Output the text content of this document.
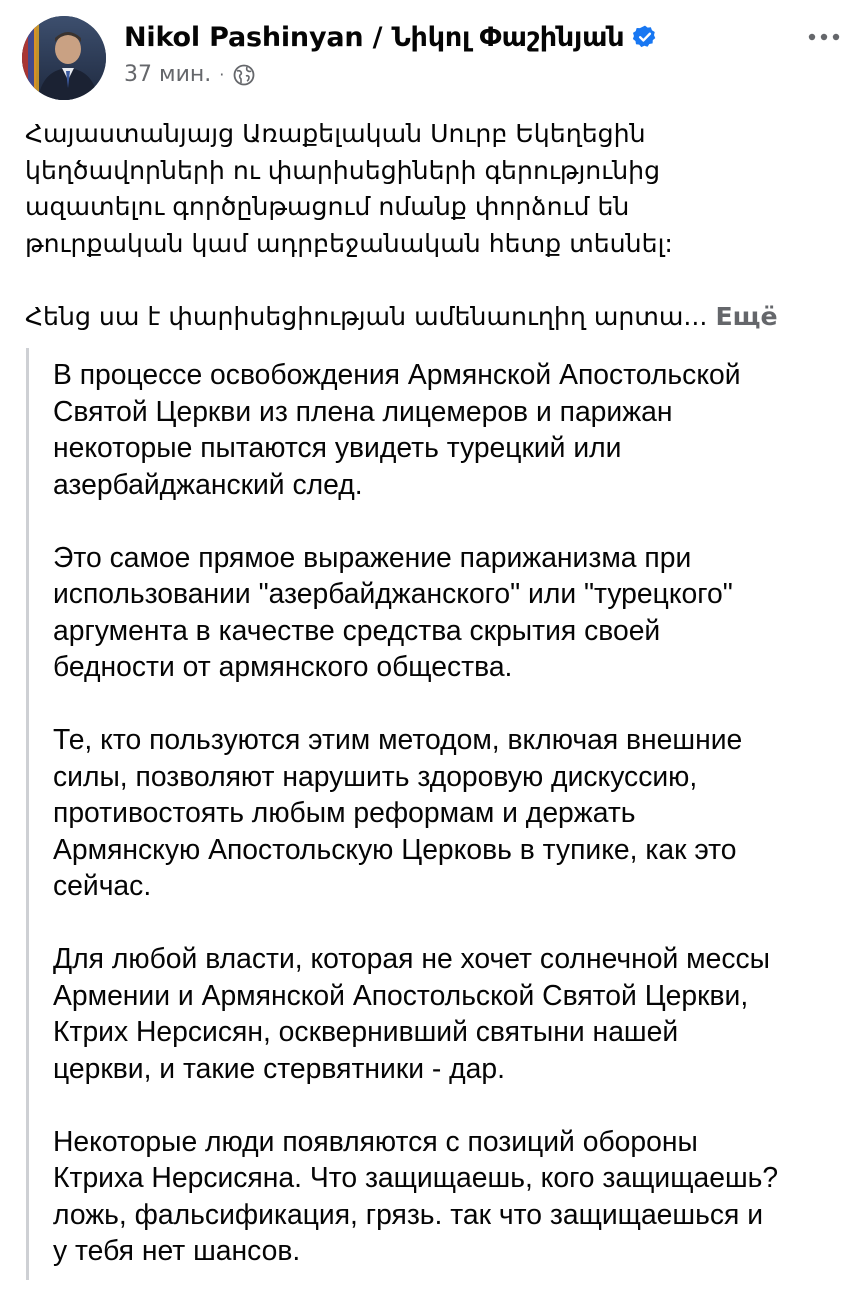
Nikol Pashinyan / Նիկոլ Փաշինյան
37 мин. ·

Հայաստանյայց Առաքելական Սուրբ Եկեղեցին
կեղծավորների ու փարիսեցիների գերությունից
ազատելու գործընթացում ոմանք փորձում են
թուրքական կամ ադրբեջանական հետք տեսնել:

Հենց սա է փարիսեցիության ամենաուղիղ արտա... Ещё

В процессе освобождения Армянской Апостольской
Святой Церкви из плена лицемеров и парижан
некоторые пытаются увидеть турецкий или
азербайджанский след.
Это самое прямое выражение парижанизма при
использовании "азербайджанского" или "турецкого"
аргумента в качестве средства скрытия своей
бедности от армянского общества.
Те, кто пользуются этим методом, включая внешние
силы, позволяют нарушить здоровую дискуссию,
противостоять любым реформам и держать
Армянскую Апостольскую Церковь в тупике, как это
сейчас.
Для любой власти, которая не хочет солнечной мессы
Армении и Армянской Апостольской Святой Церкви,
Ктрих Нерсисян, осквернивший святыни нашей
церкви, и такие стервятники - дар.
Некоторые люди появляются с позиций обороны
Ктриха Нерсисяна. Что защищаешь, кого защищаешь?
ложь, фальсификация, грязь. так что защищаешься и
у тебя нет шансов.
